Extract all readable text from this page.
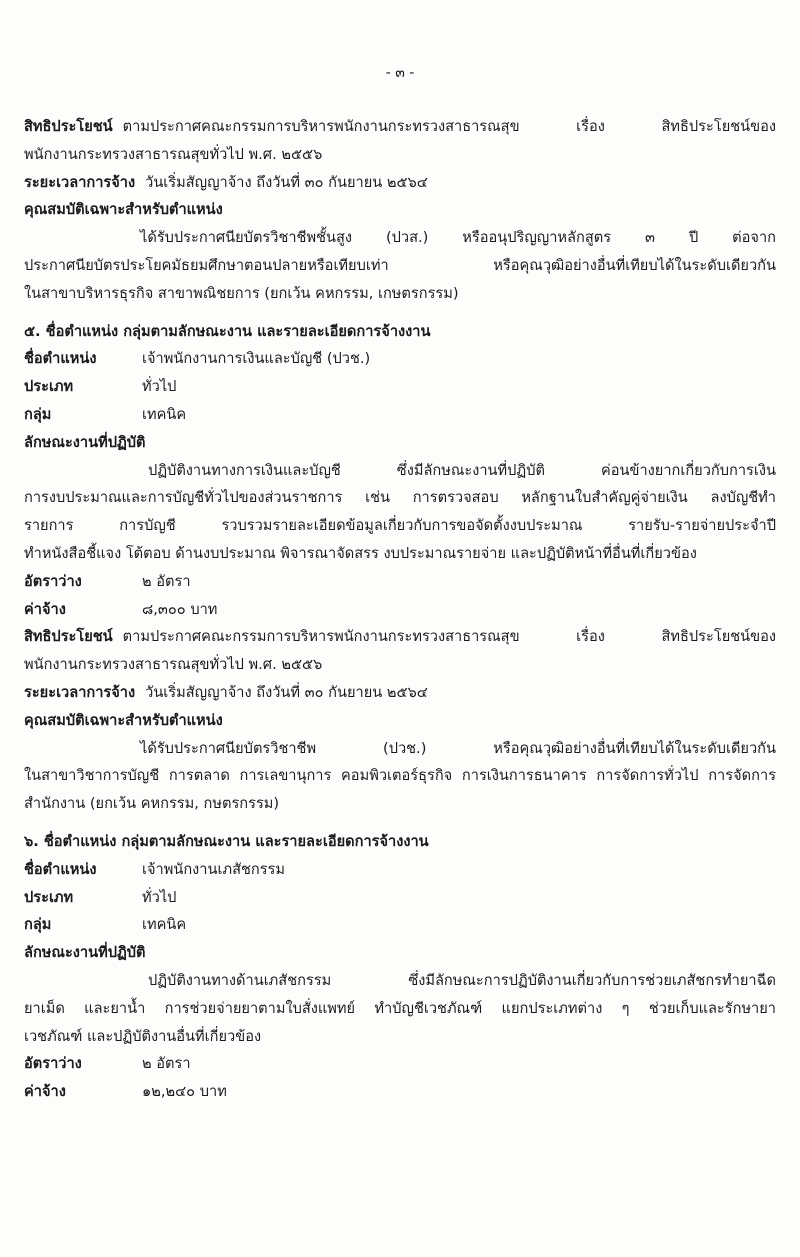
- ๓ -
สิทธิประโยชน์ ตามประกาศคณะกรรมการบริหารพนักงานกระทรวงสาธารณสุข เรื่อง สิทธิประโยชน์ของ
พนักงานกระทรวงสาธารณสุขทั่วไป พ.ศ. ๒๕๕๖
ระยะเวลาการจ้าง วันเริ่มสัญญาจ้าง ถึงวันที่ ๓๐ กันยายน ๒๕๖๔
คุณสมบัติเฉพาะสำหรับตำแหน่ง
ได้รับประกาศนียบัตรวิชาชีพชั้นสูง (ปวส.) หรืออนุปริญญาหลักสูตร ๓ ปี ต่อจาก
ประกาศนียบัตรประโยคมัธยมศึกษาตอนปลายหรือเทียบเท่า หรือคุณวุฒิอย่างอื่นที่เทียบได้ในระดับเดียวกัน
ในสาขาบริหารธุรกิจ สาขาพณิชยการ (ยกเว้น คหกรรม, เกษตรกรรม)
๕. ชื่อตำแหน่ง กลุ่มตามลักษณะงาน และรายละเอียดการจ้างงาน
ชื่อตำแหน่ง	เจ้าพนักงานการเงินและบัญชี (ปวช.)
ประเภท	ทั่วไป
กลุ่ม	เทคนิค
ลักษณะงานที่ปฏิบัติ
ปฏิบัติงานทางการเงินและบัญชี ซึ่งมีลักษณะงานที่ปฏิบัติ ค่อนข้างยากเกี่ยวกับการเงิน
การงบประมาณและการบัญชีทั่วไปของส่วนราชการ เช่น การตรวจสอบ หลักฐานใบสำคัญคู่จ่ายเงิน ลงบัญชีทำ
รายการ การบัญชี รวบรวมรายละเอียดข้อมูลเกี่ยวกับการขอจัดตั้งงบประมาณ รายรับ-รายจ่ายประจำปี
ทำหนังสือชี้แจง โต้ตอบ ด้านงบประมาณ พิจารณาจัดสรร งบประมาณรายจ่าย และปฏิบัติหน้าที่อื่นที่เกี่ยวข้อง
อัตราว่าง	๒ อัตรา
ค่าจ้าง	๘,๓๐๐ บาท
สิทธิประโยชน์ ตามประกาศคณะกรรมการบริหารพนักงานกระทรวงสาธารณสุข เรื่อง สิทธิประโยชน์ของ
พนักงานกระทรวงสาธารณสุขทั่วไป พ.ศ. ๒๕๕๖
ระยะเวลาการจ้าง วันเริ่มสัญญาจ้าง ถึงวันที่ ๓๐ กันยายน ๒๕๖๔
คุณสมบัติเฉพาะสำหรับตำแหน่ง
ได้รับประกาศนียบัตรวิชาชีพ (ปวช.) หรือคุณวุฒิอย่างอื่นที่เทียบได้ในระดับเดียวกัน
ในสาขาวิชาการบัญชี การตลาด การเลขานุการ คอมพิวเตอร์ธุรกิจ การเงินการธนาคาร การจัดการทั่วไป การจัดการ
สำนักงาน (ยกเว้น คหกรรม, กษตรกรรม)
๖. ชื่อตำแหน่ง กลุ่มตามลักษณะงาน และรายละเอียดการจ้างงาน
ชื่อตำแหน่ง	เจ้าพนักงานเภสัชกรรม
ประเภท	ทั่วไป
กลุ่ม	เทคนิค
ลักษณะงานที่ปฏิบัติ
ปฏิบัติงานทางด้านเภสัชกรรม ซึ่งมีลักษณะการปฏิบัติงานเกี่ยวกับการช่วยเภสัชกรทำยาฉีด
ยาเม็ด และยาน้ำ การช่วยจ่ายยาตามใบสั่งแพทย์ ทำบัญชีเวชภัณฑ์ แยกประเภทต่าง ๆ ช่วยเก็บและรักษายา
เวชภัณฑ์ และปฏิบัติงานอื่นที่เกี่ยวข้อง
อัตราว่าง	๒ อัตรา
ค่าจ้าง	๑๒,๒๔๐ บาท
